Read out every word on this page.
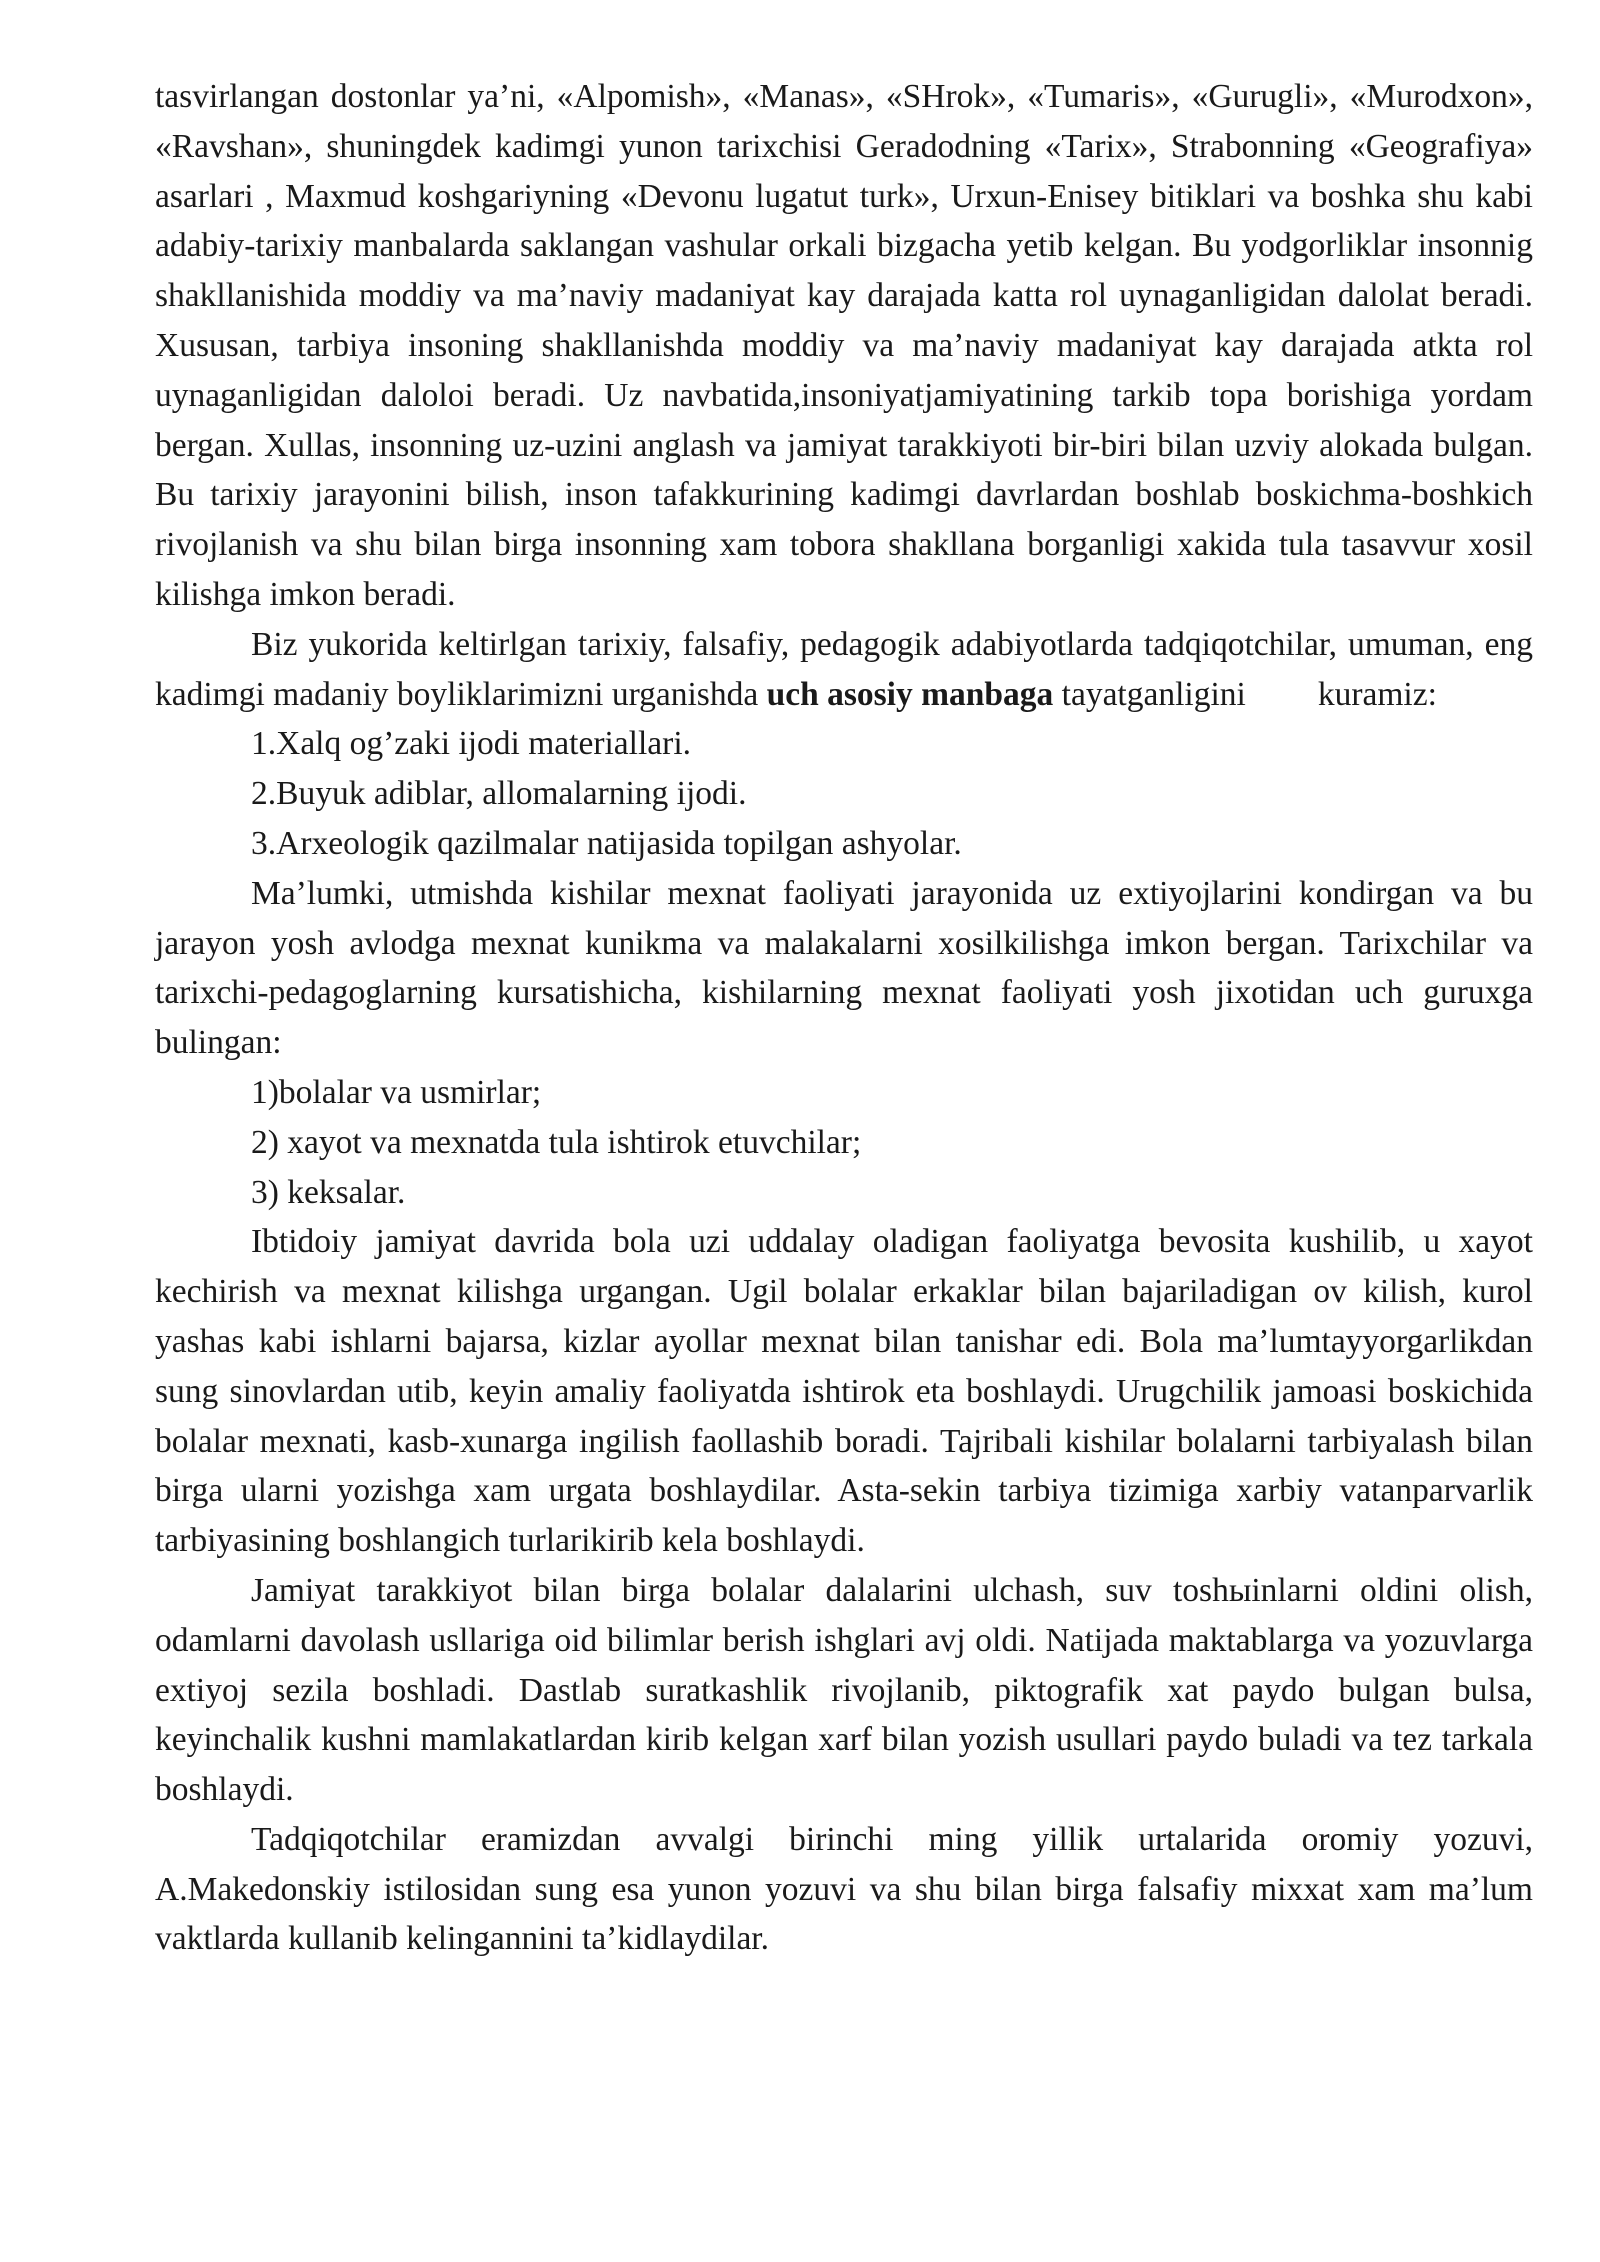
tasvirlangan dostonlar ya’ni, «Alpomish», «Manas», «SHrok», «Tumaris», «Gurugli», «Murodxon», «Ravshan», shuningdek kadimgi yunon tarixchisi Geradodning «Tarix», Strabonning «Geografiya» asarlari , Maxmud koshgariyning «Devonu lugatut turk», Urxun-Enisey bitiklari va boshka shu kabi adabiy-tarixiy manbalarda saklangan vashular orkali bizgacha yetib kelgan. Bu yodgorliklar insonnig shakllanishida moddiy va ma’naviy madaniyat kay darajada katta rol uynaganligidan dalolat beradi. Xususan, tarbiya insoning shakllanishda moddiy va ma’naviy madaniyat kay darajada atkta rol uynaganligidan daloloi beradi. Uz navbatida,insoniyatjamiyatining tarkib topa borishiga yordam bergan. Xullas, insonning uz-uzini anglash va jamiyat tarakkiyoti bir-biri bilan uzviy alokada bulgan. Bu tarixiy jarayonini bilish, inson tafakkurining kadimgi davrlardan boshlab boskichma-boshkich rivojlanish va shu bilan birga insonning xam tobora shakllana borganligi xakida tula tasavvur xosil kilishga imkon beradi.

Biz yukorida keltirlgan tarixiy, falsafiy, pedagogik adabiyotlarda tadqiqotchilar, umuman, eng kadimgi madaniy boyliklarimizni urganishda uch asosiy manbaga tayatganligini kuramiz:

1.Xalq og’zaki ijodi materiallari.

2.Buyuk adiblar, allomalarning ijodi.

3.Arxeologik qazilmalar natijasida topilgan ashyolar.

Ma’lumki, utmishda kishilar mexnat faoliyati jarayonida uz extiyojlarini kondirgan va bu jarayon yosh avlodga mexnat kunikma va malakalarni xosilkilishga imkon bergan. Tarixchilar va tarixchi-pedagoglarning kursatishicha, kishilarning mexnat faoliyati yosh jixotidan uch guruxga bulingan:

1)bolalar va usmirlar;

2) xayot va mexnatda tula ishtirok etuvchilar;

3) keksalar.

Ibtidoiy jamiyat davrida bola uzi uddalay oladigan faoliyatga bevosita kushilib, u xayot kechirish va mexnat kilishga urgangan. Ugil bolalar erkaklar bilan bajariladigan ov kilish, kurol yashas kabi ishlarni bajarsa, kizlar ayollar mexnat bilan tanishar edi. Bola ma’lumtayyorgarlikdan sung sinovlardan utib, keyin amaliy faoliyatda ishtirok eta boshlaydi. Urugchilik jamoasi boskichida bolalar mexnati, kasb-xunarga ingilish faollashib boradi. Tajribali kishilar bolalarni tarbiyalash bilan birga ularni yozishga xam urgata boshlaydilar. Asta-sekin tarbiya tizimiga xarbiy vatanparvarlik tarbiyasining boshlangich turlarikirib kela boshlaydi.

Jamiyat tarakkiyot bilan birga bolalar dalalarini ulchash, suv toshыinlarni oldini olish, odamlarni davolash usllariga oid bilimlar berish ishglari avj oldi. Natijada maktablarga va yozuvlarga extiyoj sezila boshladi. Dastlab suratkashlik rivojlanib, piktografik xat paydo bulgan bulsa, keyinchalik kushni mamlakatlardan kirib kelgan xarf bilan yozish usullari paydo buladi va tez tarkala boshlaydi.

Tadqiqotchilar eramizdan avvalgi birinchi ming yillik urtalarida oromiy yozuvi, A.Makedonskiy istilosidan sung esa yunon yozuvi va shu bilan birga falsafiy mixxat xam ma’lum vaktlarda kullanib kelingannini ta’kidlaydilar.
